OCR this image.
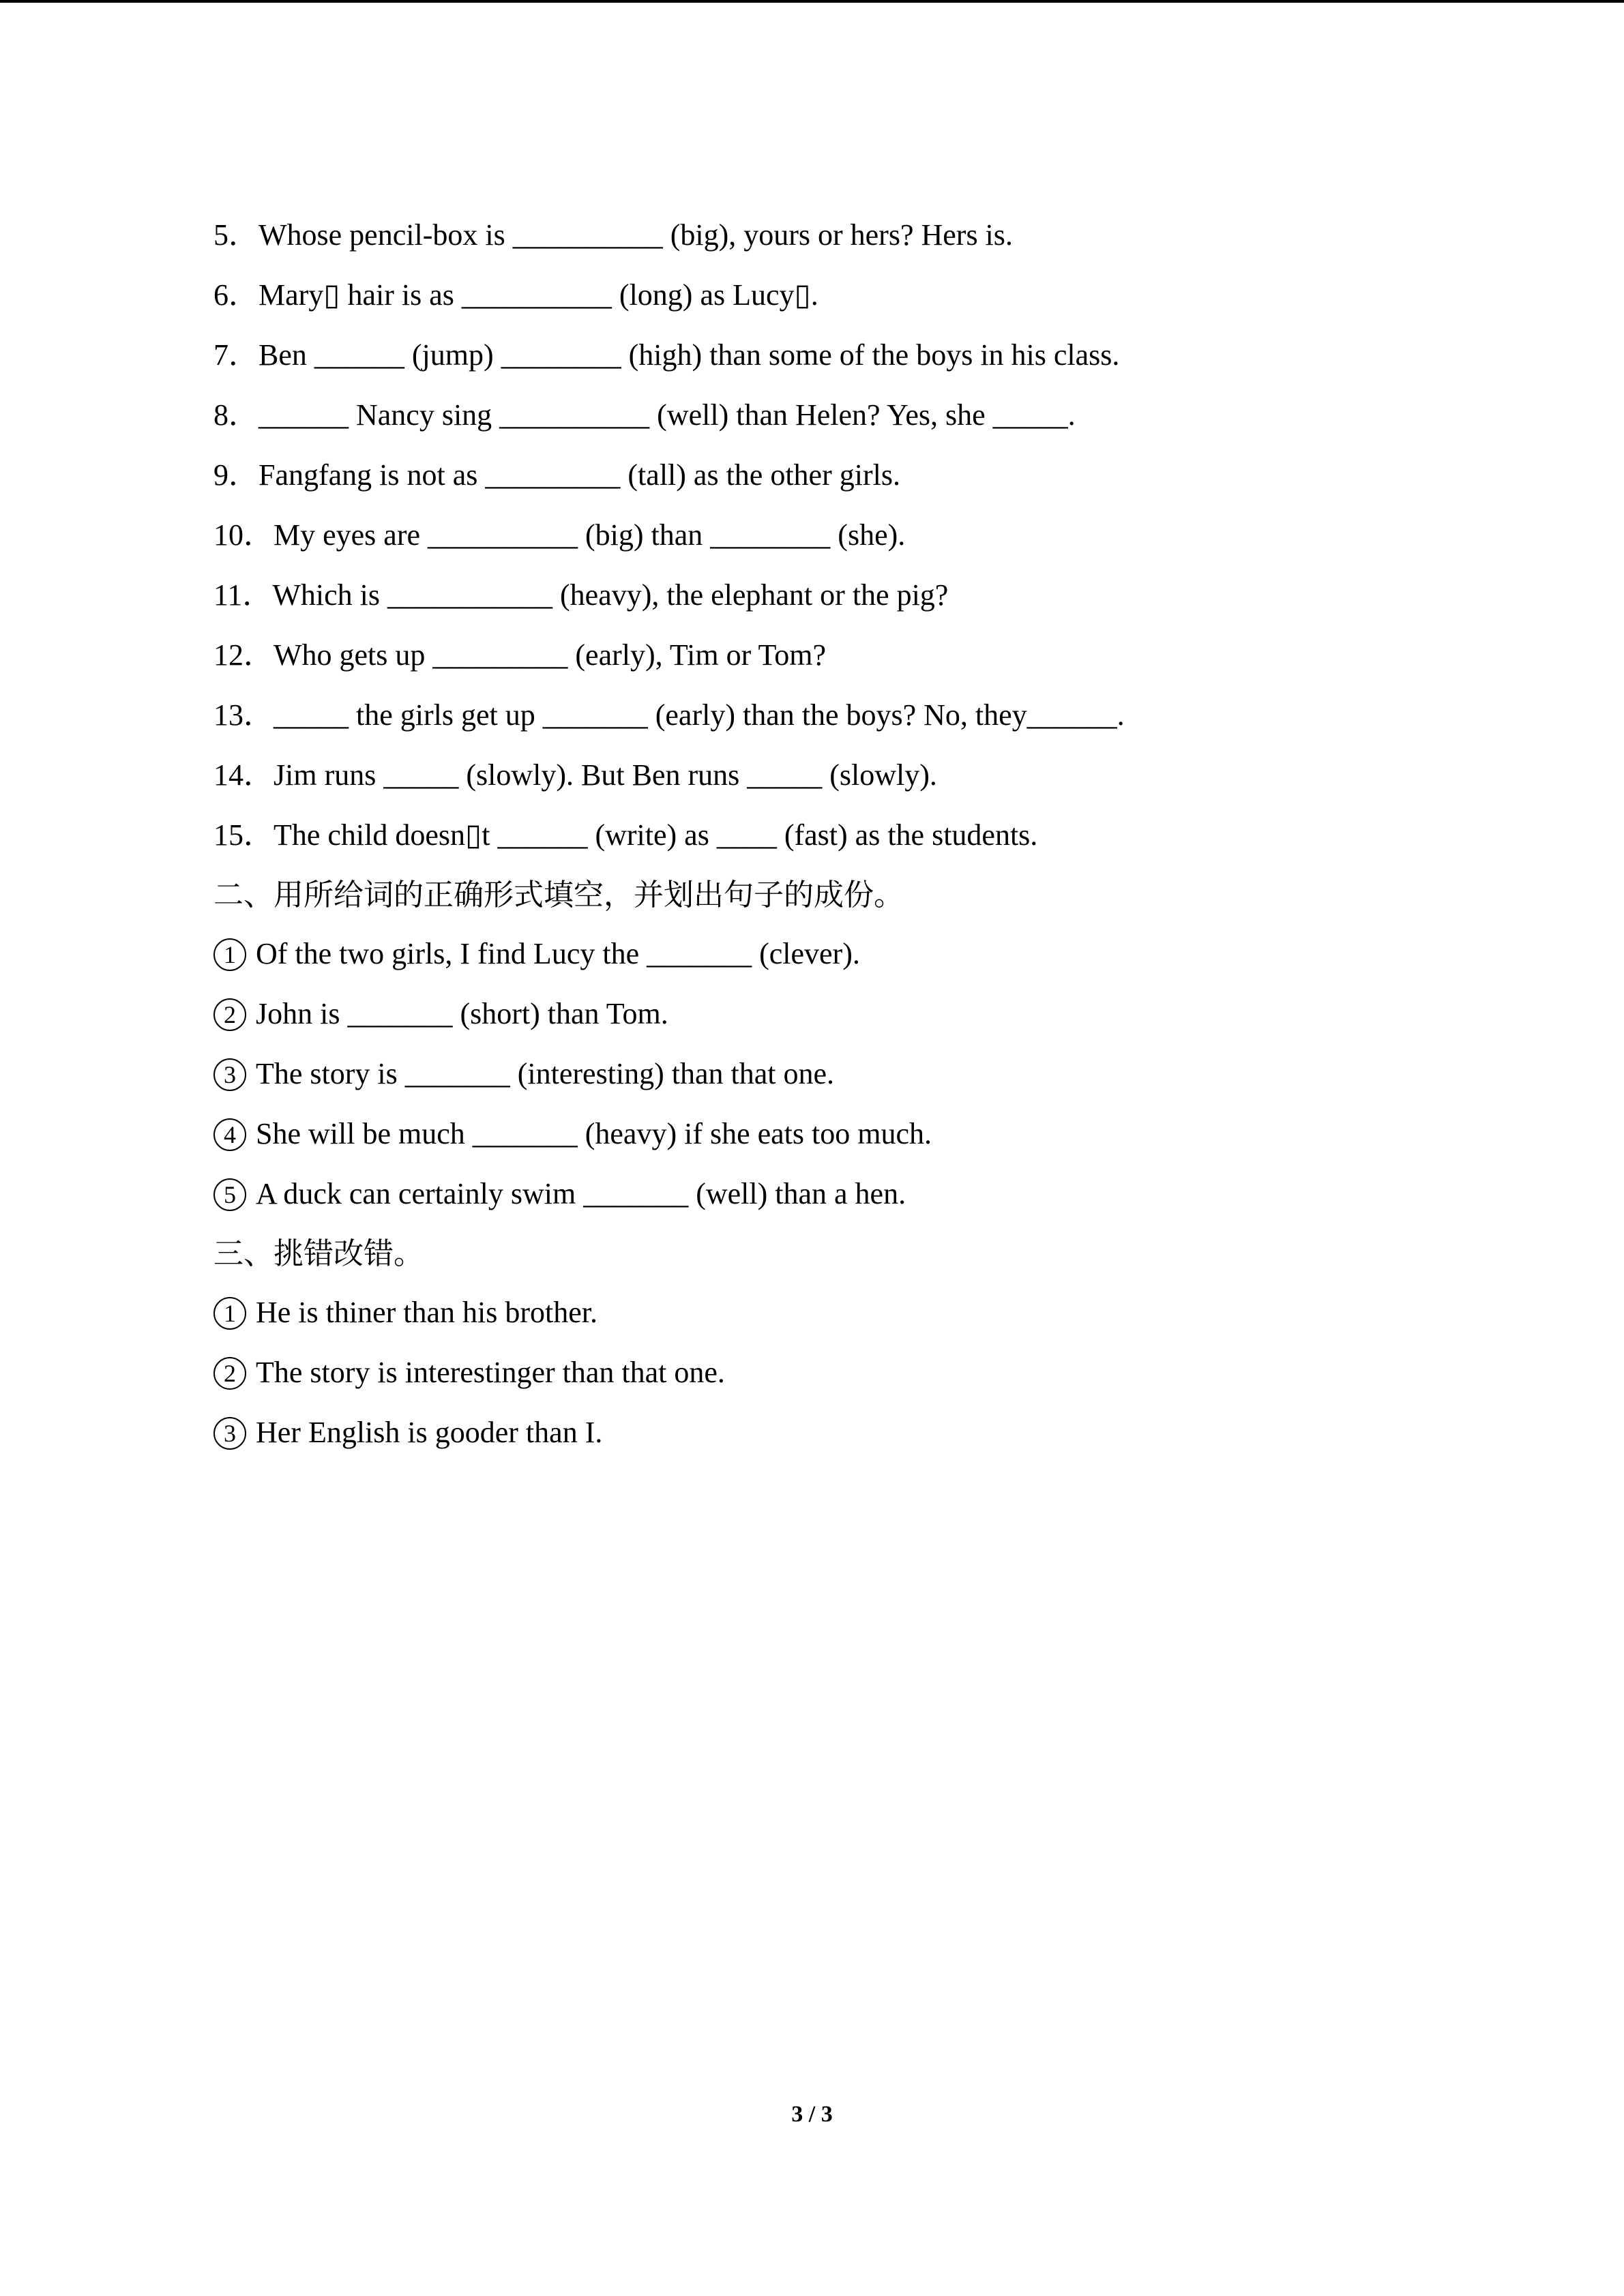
5．Whose pencil-box is __________ (big), yours or hers? Hers is.
6．Mary▯ hair is as __________ (long) as Lucy▯.
7．Ben ______ (jump) ________ (high) than some of the boys in his class.
8．______ Nancy sing __________ (well) than Helen? Yes, she _____.
9．Fangfang is not as _________ (tall) as the other girls.
10．My eyes are __________ (big) than ________ (she).
11．Which is ___________ (heavy), the elephant or the pig?
12．Who gets up _________ (early), Tim or Tom?
13．_____ the girls get up _______ (early) than the boys? No, they______.
14．Jim runs _____ (slowly). But Ben runs _____ (slowly).
15．The child doesn▯t ______ (write) as ____ (fast) as the students.
二、用所给词的正确形式填空，并划出句子的成份。
1 Of the two girls, I find Lucy the _______ (clever).
2 John is _______ (short) than Tom.
3 The story is _______ (interesting) than that one.
4 She will be much _______ (heavy) if she eats too much.
5 A duck can certainly swim _______ (well) than a hen.
三、挑错改错。
1 He is thiner than his brother.
2 The story is interestinger than that one.
3 Her English is gooder than I.
3 / 3
